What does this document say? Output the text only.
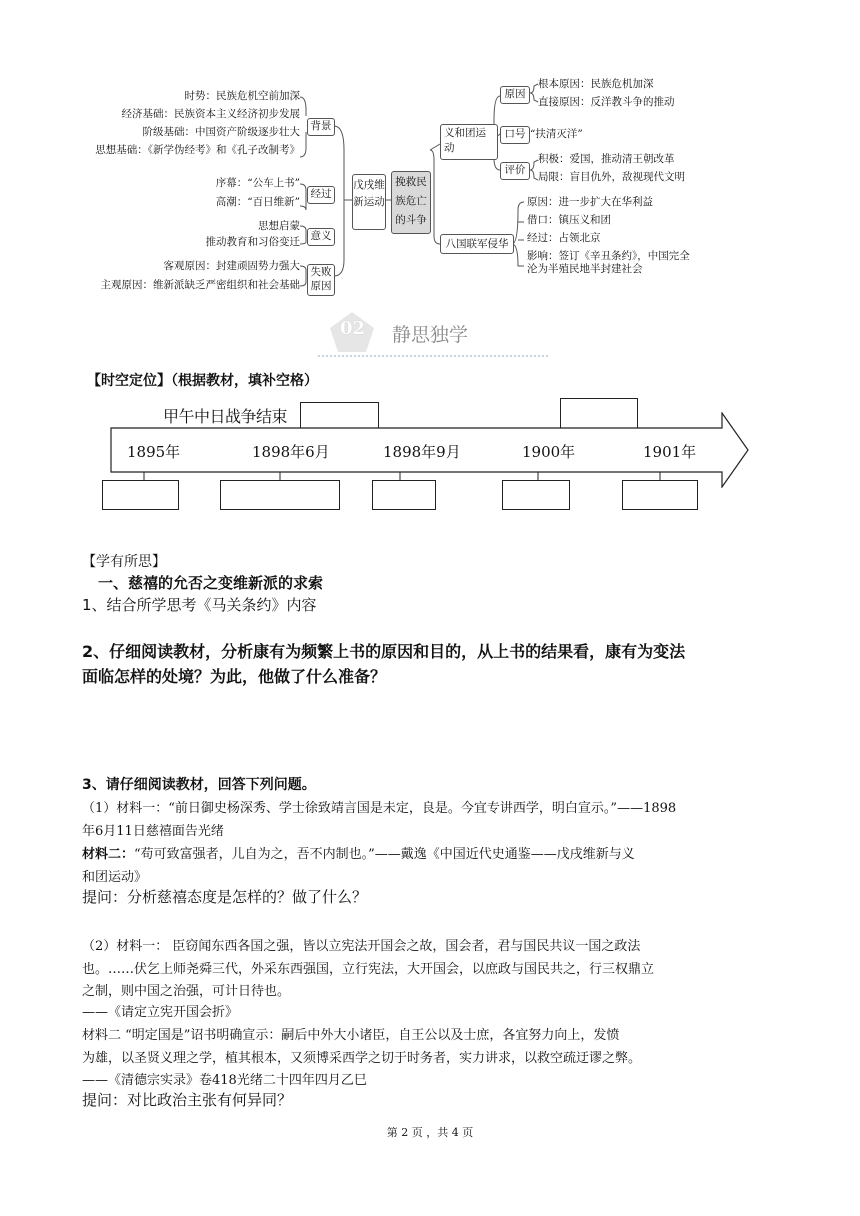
时势：民族危机空前加深
经济基础：民族资本主义经济初步发展
阶级基础：中国资产阶级逐步壮大
思想基础：《新学伪经考》和《孔子改制考》
背景
序幕：“公车上书”
高潮：“百日维新”
经过
思想启蒙
推动教育和习俗变迁	意义
客观原因：封建顽固势力强大
主观原因：维新派缺乏严密组织和社会基础
失败原因
戊戌维新运动
挽救民族危亡的斗争
义和团运动
原因
根本原因：民族危机加深
直接原因：反洋教斗争的推动
口号 “扶清灭洋”
评价
积极：爱国，推动清王朝改革
局限：盲目仇外，敌视现代文明
八国联军侵华
原因：进一步扩大在华利益
借口：镇压义和团
经过：占领北京
影响：签订《辛丑条约》，中国完全
沦为半殖民地半封建社会
02 静思独学
【时空定位】（根据教材，填补空格）
甲午中日战争结束
1895年	1898年6月	1898年9月	1900年	1901年
【学有所思】
一、慈禧的允否之变维新派的求索
1、结合所学思考《马关条约》内容
2、仔细阅读教材，分析康有为频繁上书的原因和目的，从上书的结果看，康有为变法
面临怎样的处境？为此，他做了什么准备？
3、请仔细阅读教材，回答下列问题。
（1）材料一：“前日御史杨深秀、学士徐致靖言国是未定，良是。今宜专讲西学，明白宣示。”——1898
年6月11日慈禧面告光绪
材料二：“苟可致富强者，儿自为之，吾不内制也。”——戴逸《中国近代史通鉴——戊戌维新与义
和团运动》
提问：分析慈禧态度是怎样的？做了什么？
（2）材料一： 臣窃闻东西各国之强，皆以立宪法开国会之故，国会者，君与国民共议一国之政法
也。……伏乞上师尧舜三代，外采东西强国，立行宪法，大开国会，以庶政与国民共之，行三权鼎立
之制，则中国之治强，可计日待也。
——《请定立宪开国会折》
材料二 “明定国是”诏书明确宣示：嗣后中外大小诸臣，自王公以及士庶，各宜努力向上，发愤
为雄，以圣贤义理之学，植其根本，又须博采西学之切于时务者，实力讲求，以救空疏迂谬之弊。
——《清德宗实录》卷418光绪二十四年四月乙巳
提问：对比政治主张有何异同？
第 2 页 ，共 4 页
